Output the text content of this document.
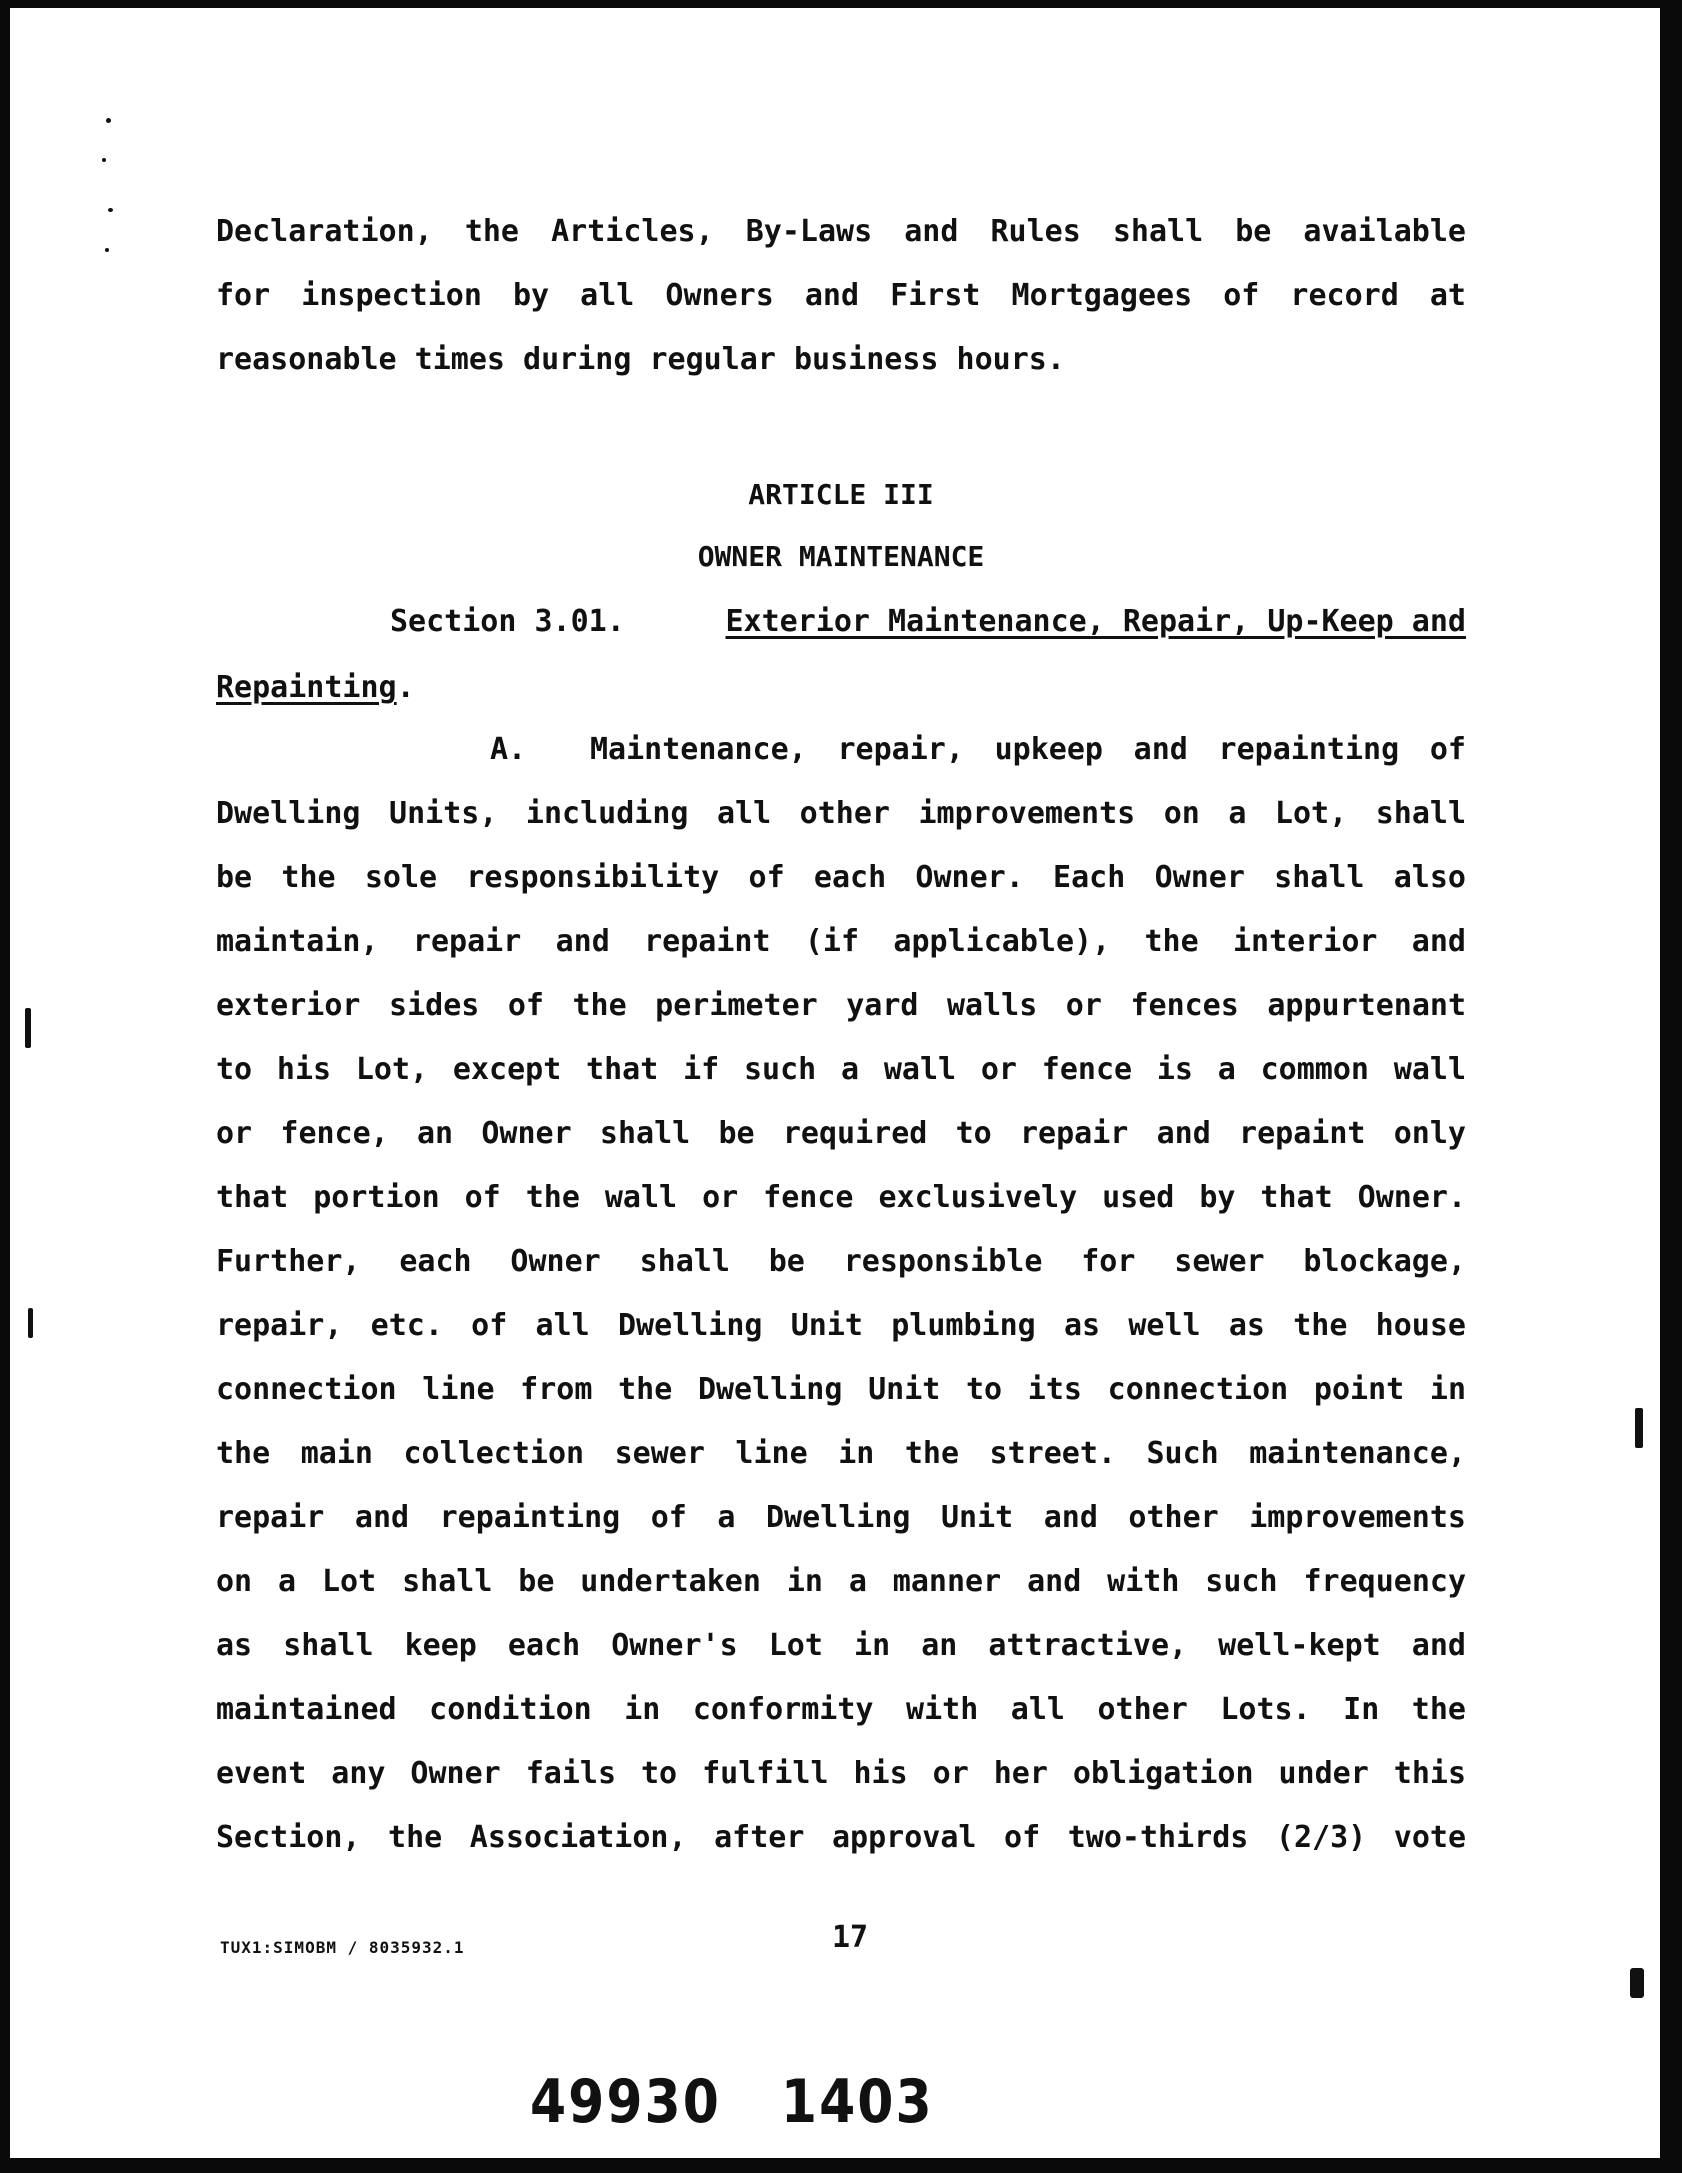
Declaration, the Articles, By-Laws and Rules shall be available
for inspection by all Owners and First Mortgagees of record at
reasonable times during regular business hours.
ARTICLE III
OWNER MAINTENANCE
Section 3.01.	Exterior Maintenance, Repair, Up-Keep and
Repainting.
A.	Maintenance, repair, upkeep and repainting of
Dwelling Units, including all other improvements on a Lot, shall
be the sole responsibility of each Owner. Each Owner shall also
maintain, repair and repaint (if applicable), the interior and
exterior sides of the perimeter yard walls or fences appurtenant
to his Lot, except that if such a wall or fence is a common wall
or fence, an Owner shall be required to repair and repaint only
that portion of the wall or fence exclusively used by that Owner.
Further, each Owner shall be responsible for sewer blockage,
repair, etc. of all Dwelling Unit plumbing as well as the house
connection line from the Dwelling Unit to its connection point in
the main collection sewer line in the street. Such maintenance,
repair and repainting of a Dwelling Unit and other improvements
on a Lot shall be undertaken in a manner and with such frequency
as shall keep each Owner's Lot in an attractive, well-kept and
maintained condition in conformity with all other Lots. In the
event any Owner fails to fulfill his or her obligation under this
Section, the Association, after approval of two-thirds (2/3) vote
TUX1:SIMOBM / 8035932.1	17
49930 1403
